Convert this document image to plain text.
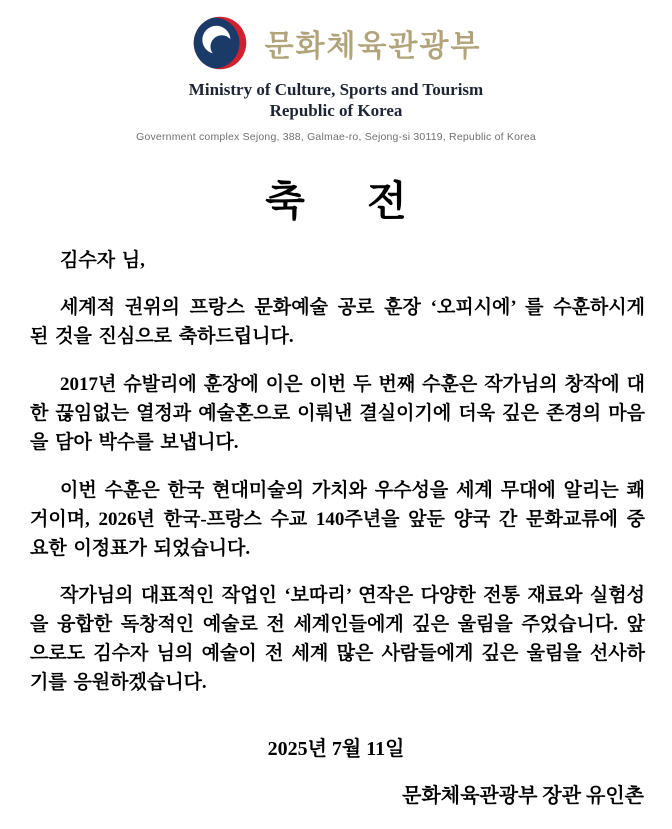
문화체육관광부
Ministry of Culture, Sports and Tourism
Republic of Korea
Government complex Sejong, 388, Galmae-ro, Sejong-si 30119, Republic of Korea
축 전

김수자 님,

세계적 권위의 프랑스 문화예술 공로 훈장 ‘오피시에’ 를 수훈하시게 된 것을 진심으로 축하드립니다.

2017년 슈발리에 훈장에 이은 이번 두 번째 수훈은 작가님의 창작에 대한 끊임없는 열정과 예술혼으로 이뤄낸 결실이기에 더욱 깊은 존경의 마음을 담아 박수를 보냅니다.

이번 수훈은 한국 현대미술의 가치와 우수성을 세계 무대에 알리는 쾌거이며, 2026년 한국-프랑스 수교 140주년을 앞둔 양국 간 문화교류에 중요한 이정표가 되었습니다.

작가님의 대표적인 작업인 ‘보따리’ 연작은 다양한 전통 재료와 실험성을 융합한 독창적인 예술로 전 세계인들에게 깊은 울림을 주었습니다. 앞으로도 김수자 님의 예술이 전 세계 많은 사람들에게 깊은 울림을 선사하기를 응원하겠습니다.

2025년 7월 11일
문화체육관광부 장관 유인촌
